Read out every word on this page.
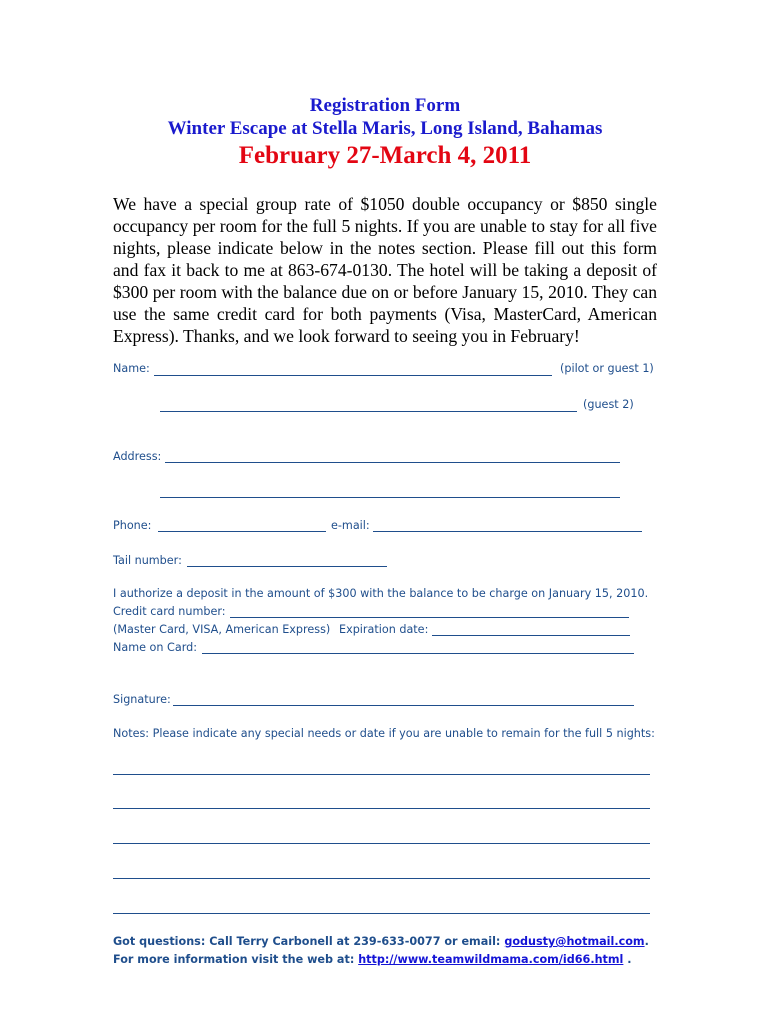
Registration Form
Winter Escape at Stella Maris, Long Island, Bahamas
February 27-March 4, 2011

We have a special group rate of $1050 double occupancy or $850 single occupancy per room for the full 5 nights. If you are unable to stay for all five nights, please indicate below in the notes section. Please fill out this form and fax it back to me at 863-674-0130. The hotel will be taking a deposit of $300 per room with the balance due on or before January 15, 2010. They can use the same credit card for both payments (Visa, MasterCard, American Express). Thanks, and we look forward to seeing you in February!

Name:	(pilot or guest 1)
(guest 2)
Address:
Phone:	e-mail:
Tail number:
I authorize a deposit in the amount of $300 with the balance to be charge on January 15, 2010.
Credit card number:
(Master Card, VISA, American Express) Expiration date:
Name on Card:
Signature:
Notes: Please indicate any special needs or date if you are unable to remain for the full 5 nights:

Got questions: Call Terry Carbonell at 239-633-0077 or email: godusty@hotmail.com. For more information visit the web at: http://www.teamwildmama.com/id66.html .
